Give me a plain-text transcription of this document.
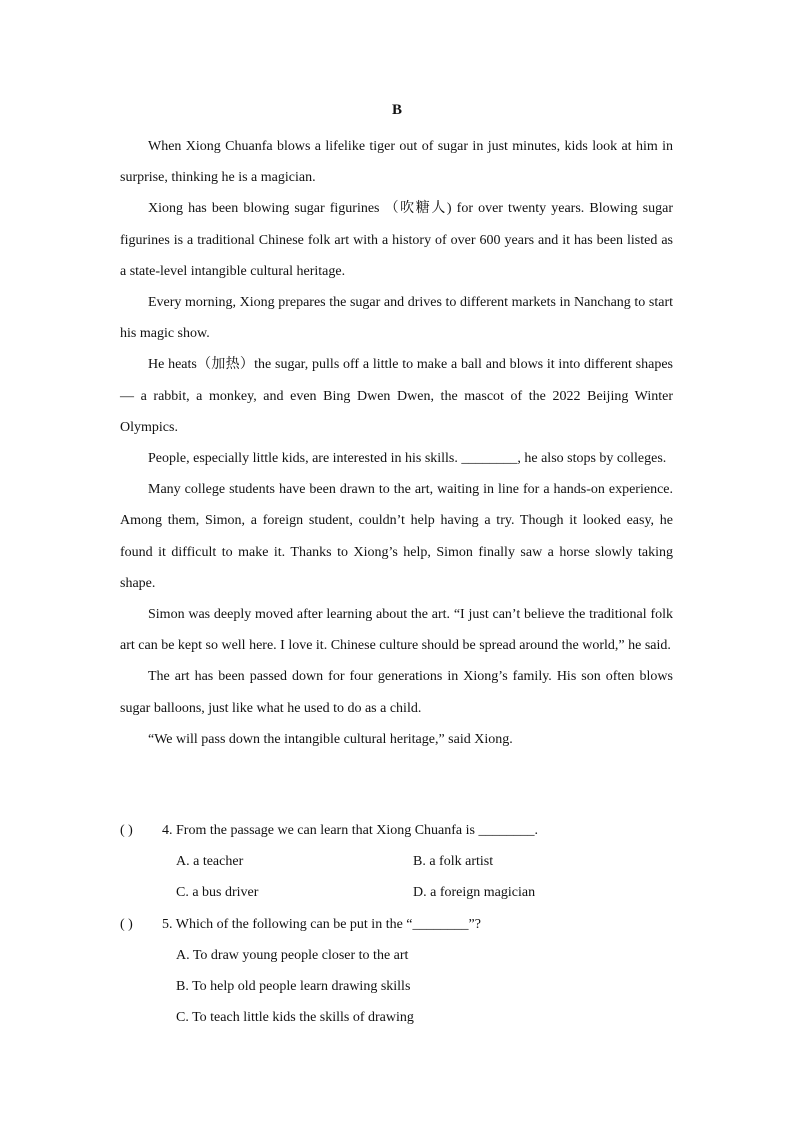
B

When Xiong Chuanfa blows a lifelike tiger out of sugar in just minutes, kids look at him in surprise, thinking he is a magician.

Xiong has been blowing sugar figurines （吹糖人) for over twenty years. Blowing sugar figurines is a traditional Chinese folk art with a history of over 600 years and it has been listed as a state-level intangible cultural heritage.

Every morning, Xiong prepares the sugar and drives to different markets in Nanchang to start his magic show.

He heats（加热）the sugar, pulls off a little to make a ball and blows it into different shapes— a rabbit, a monkey, and even Bing Dwen Dwen, the mascot of the 2022 Beijing Winter Olympics.

People, especially little kids, are interested in his skills. ________, he also stops by colleges.

Many college students have been drawn to the art, waiting in line for a hands-on experience. Among them, Simon, a foreign student, couldn’t help having a try. Though it looked easy, he found it difficult to make it. Thanks to Xiong’s help, Simon finally saw a horse slowly taking shape.

Simon was deeply moved after learning about the art. “I just can’t believe the traditional folk art can be kept so well here. I love it. Chinese culture should be spread around the world,” he said.

The art has been passed down for four generations in Xiong’s family. His son often blows sugar balloons, just like what he used to do as a child.

“We will pass down the intangible cultural heritage,” said Xiong.

( ) 4. From the passage we can learn that Xiong Chuanfa is ________.
A. a teacher	B. a folk artist
C. a bus driver	D. a foreign magician
( ) 5. Which of the following can be put in the “________”?
A. To draw young people closer to the art
B. To help old people learn drawing skills
C. To teach little kids the skills of drawing
